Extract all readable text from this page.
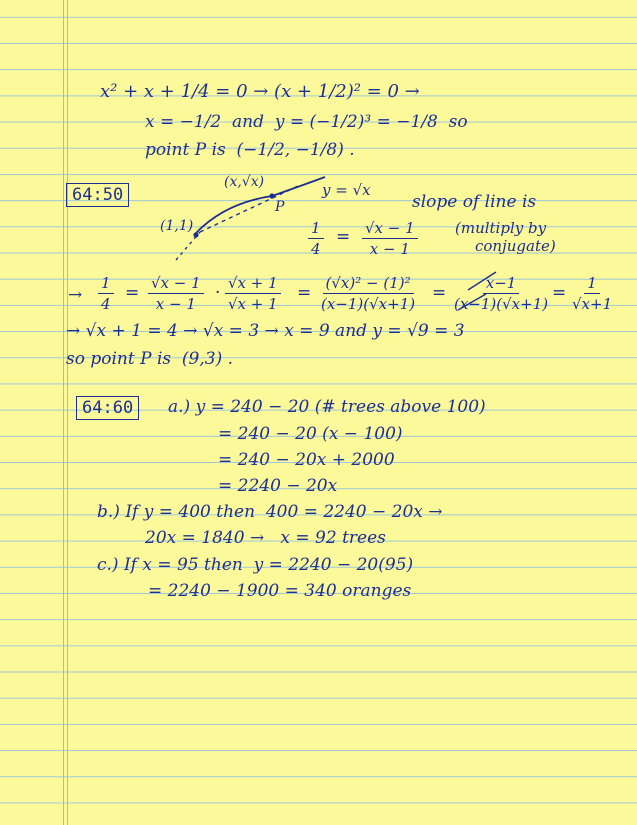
x² + x + 1/4 = 0 → (x + 1/2)² = 0 →

x = −1/2  and  y = (−1/2)³ = −1/8  so

point P is  (−1/2, −1/8) .

64:50
(x,√x)	y = √x
(1,1)
P	slope of line is

$\frac{1}{4} = \frac{√x - 1}{x - 1}$ (multiply by

conjugate)

→ $\frac{1}{4} = \frac{√x - 1}{x - 1} \cdot \frac{√x + 1}{√x + 1} = \frac{\text{(√x)² − (1)²}}{(x-1)(√x+1)} = \frac{x-1}{(x-1)(√x+1)} = \frac{1}{√x+1}$

→ √x + 1 = 4 → √x = 3 → x = 9 and y = √9 = 3

so point P is  (9,3) .

64:60	a.) y = 240 − 20 (# trees above 100)

= 240 − 20 (x − 100)

= 240 − 20x + 2000

= 2240 − 20x

b.) If y = 400 then  400 = 2240 − 20x →

20x = 1840 →   x = 92 trees

c.) If x = 95 then  y = 2240 − 20(95)

= 2240 − 1900 = 340 oranges
